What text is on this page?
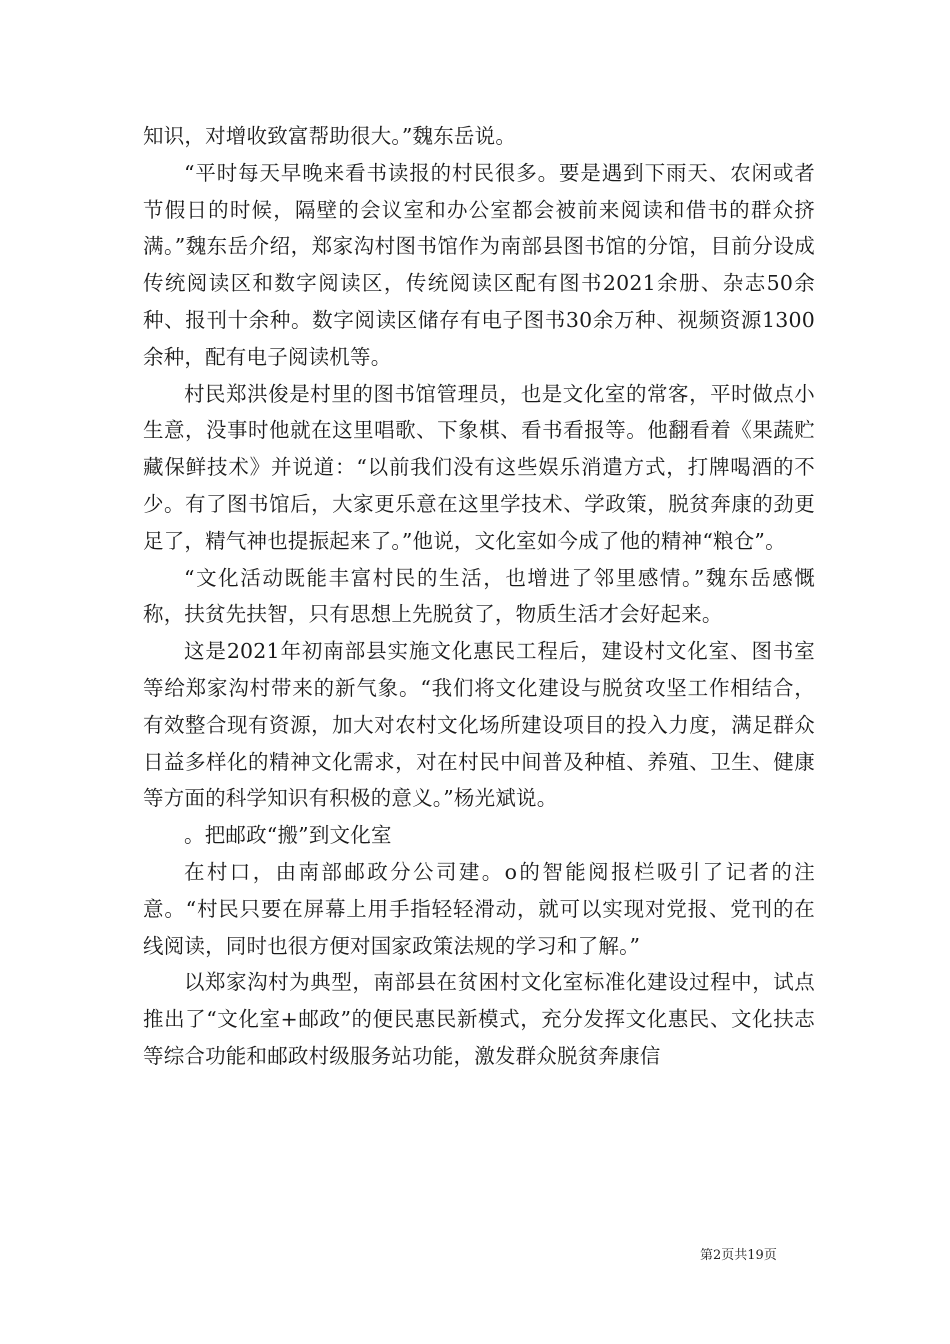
知识，对增收致富帮助很大。”魏东岳说。

“平时每天早晚来看书读报的村民很多。要是遇到下雨天、农闲或者节假日的时候，隔壁的会议室和办公室都会被前来阅读和借书的群众挤满。”魏东岳介绍，郑家沟村图书馆作为南部县图书馆的分馆，目前分设成传统阅读区和数字阅读区，传统阅读区配有图书2021余册、杂志50余种、报刊十余种。数字阅读区储存有电子图书30余万种、视频资源1300余种，配有电子阅读机等。

村民郑洪俊是村里的图书馆管理员，也是文化室的常客，平时做点小生意，没事时他就在这里唱歌、下象棋、看书看报等。他翻看着《果蔬贮藏保鲜技术》并说道：“以前我们没有这些娱乐消遣方式，打牌喝酒的不少。有了图书馆后，大家更乐意在这里学技术、学政策，脱贫奔康的劲更足了，精气神也提振起来了。”他说，文化室如今成了他的精神“粮仓”。

“文化活动既能丰富村民的生活，也增进了邻里感情。”魏东岳感慨称，扶贫先扶智，只有思想上先脱贫了，物质生活才会好起来。

这是2021年初南部县实施文化惠民工程后，建设村文化室、图书室等给郑家沟村带来的新气象。“我们将文化建设与脱贫攻坚工作相结合，有效整合现有资源，加大对农村文化场所建设项目的投入力度，满足群众日益多样化的精神文化需求，对在村民中间普及种植、养殖、卫生、健康等方面的科学知识有积极的意义。”杨光斌说。

。把邮政“搬”到文化室

在村口，由南部邮政分公司建。o的智能阅报栏吸引了记者的注意。“村民只要在屏幕上用手指轻轻滑动，就可以实现对党报、党刊的在线阅读，同时也很方便对国家政策法规的学习和了解。”

以郑家沟村为典型，南部县在贫困村文化室标准化建设过程中，试点推出了“文化室+邮政”的便民惠民新模式，充分发挥文化惠民、文化扶志等综合功能和邮政村级服务站功能，激发群众脱贫奔康信

第2页共19页
